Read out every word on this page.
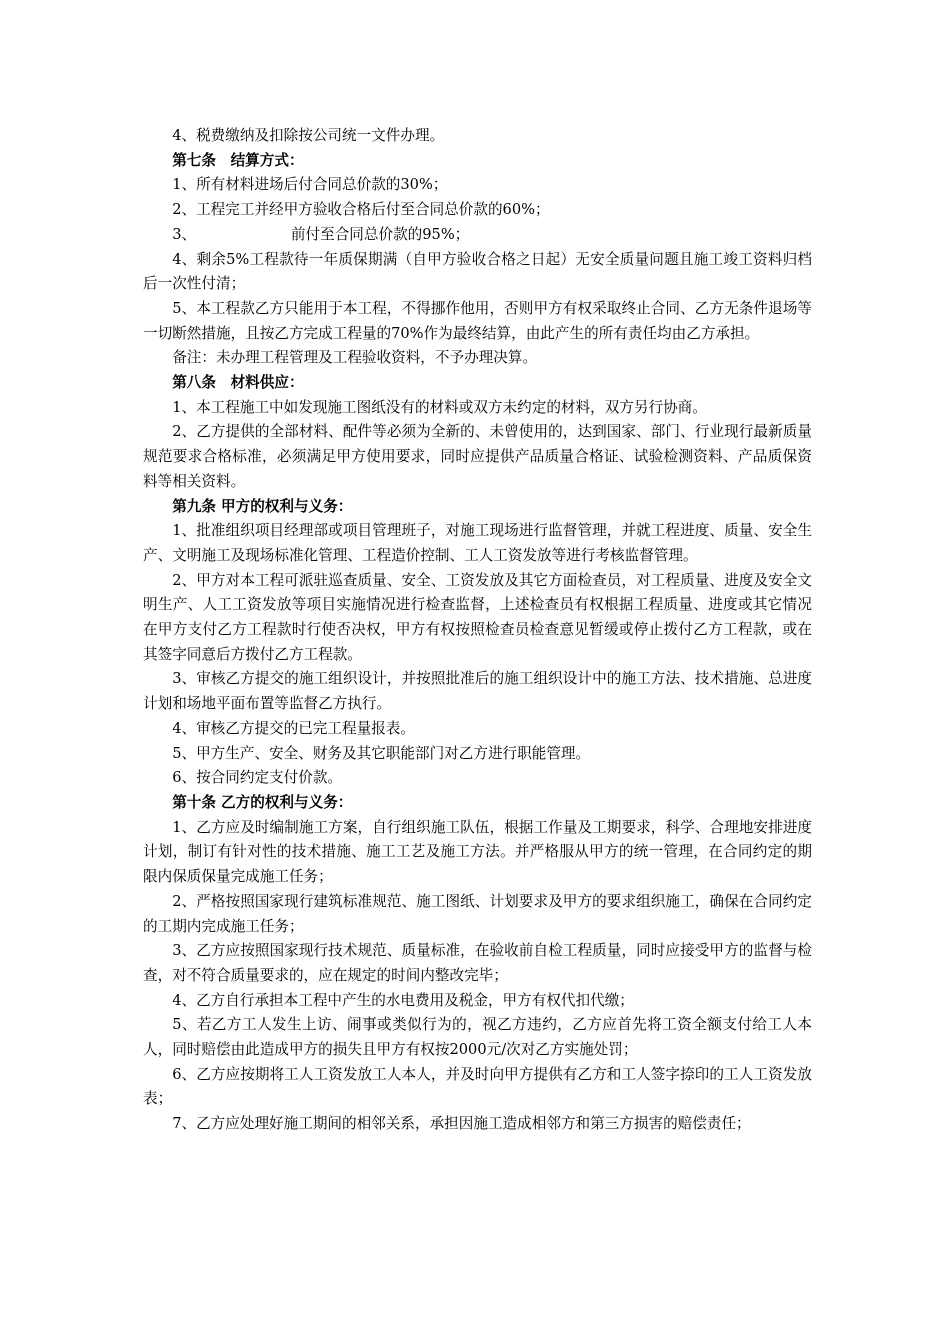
4、税费缴纳及扣除按公司统一文件办理。

第七条　结算方式：

1、所有材料进场后付合同总价款的30%；

2、工程完工并经甲方验收合格后付至合同总价款的60%；

3、　　　　　　　前付至合同总价款的95%；

4、剩余5%工程款待一年质保期满（自甲方验收合格之日起）无安全质量问题且施工竣工资料归档后一次性付清；

5、本工程款乙方只能用于本工程，不得挪作他用，否则甲方有权采取终止合同、乙方无条件退场等一切断然措施，且按乙方完成工程量的70%作为最终结算，由此产生的所有责任均由乙方承担。

备注：未办理工程管理及工程验收资料，不予办理决算。

第八条　材料供应：

1、本工程施工中如发现施工图纸没有的材料或双方未约定的材料，双方另行协商。

2、乙方提供的全部材料、配件等必须为全新的、未曾使用的，达到国家、部门、行业现行最新质量规范要求合格标准，必须满足甲方使用要求，同时应提供产品质量合格证、试验检测资料、产品质保资料等相关资料。

第九条 甲方的权利与义务：

1、批准组织项目经理部或项目管理班子，对施工现场进行监督管理，并就工程进度、质量、安全生产、文明施工及现场标准化管理、工程造价控制、工人工资发放等进行考核监督管理。

2、甲方对本工程可派驻巡查质量、安全、工资发放及其它方面检查员，对工程质量、进度及安全文明生产、人工工资发放等项目实施情况进行检查监督，上述检查员有权根据工程质量、进度或其它情况在甲方支付乙方工程款时行使否决权，甲方有权按照检查员检查意见暂缓或停止拨付乙方工程款，或在其签字同意后方拨付乙方工程款。

3、审核乙方提交的施工组织设计，并按照批准后的施工组织设计中的施工方法、技术措施、总进度计划和场地平面布置等监督乙方执行。

4、审核乙方提交的已完工程量报表。

5、甲方生产、安全、财务及其它职能部门对乙方进行职能管理。

6、按合同约定支付价款。

第十条 乙方的权利与义务：

1、乙方应及时编制施工方案，自行组织施工队伍，根据工作量及工期要求，科学、合理地安排进度计划，制订有针对性的技术措施、施工工艺及施工方法。并严格服从甲方的统一管理，在合同约定的期限内保质保量完成施工任务；

2、严格按照国家现行建筑标准规范、施工图纸、计划要求及甲方的要求组织施工，确保在合同约定的工期内完成施工任务；

3、乙方应按照国家现行技术规范、质量标准，在验收前自检工程质量，同时应接受甲方的监督与检查，对不符合质量要求的，应在规定的时间内整改完毕；

4、乙方自行承担本工程中产生的水电费用及税金，甲方有权代扣代缴；

5、若乙方工人发生上访、闹事或类似行为的，视乙方违约，乙方应首先将工资全额支付给工人本人，同时赔偿由此造成甲方的损失且甲方有权按2000元/次对乙方实施处罚；

6、乙方应按期将工人工资发放工人本人，并及时向甲方提供有乙方和工人签字捺印的工人工资发放表；

7、乙方应处理好施工期间的相邻关系，承担因施工造成相邻方和第三方损害的赔偿责任；
